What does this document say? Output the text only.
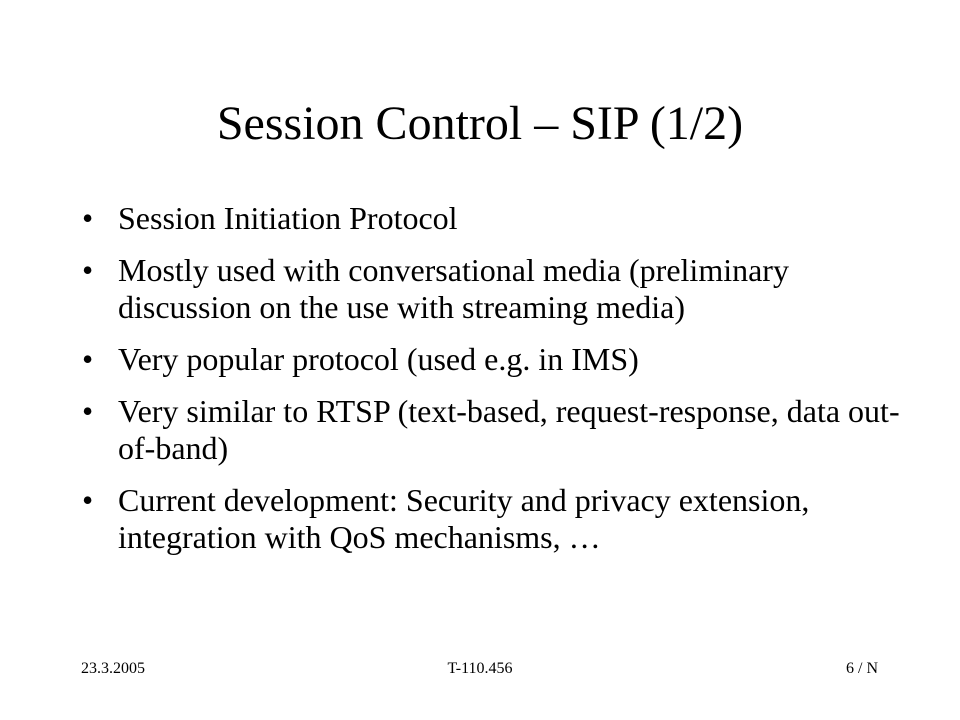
Session Control – SIP (1/2)
• Session Initiation Protocol
• Mostly used with conversational media (preliminary discussion on the use with streaming media)
• Very popular protocol (used e.g. in IMS)
• Very similar to RTSP (text-based, request-response, data out-of-band)
• Current development: Security and privacy extension, integration with QoS mechanisms, …
23.3.2005	T-110.456	6 / N
